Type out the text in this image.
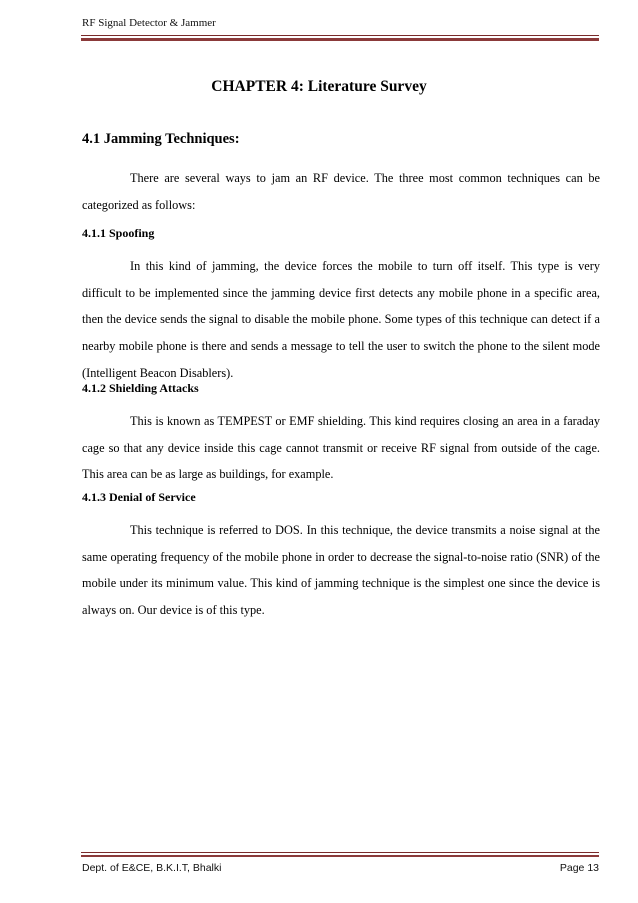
RF Signal Detector & Jammer
CHAPTER 4: Literature Survey
4.1 Jamming Techniques:

There are several ways to jam an RF device. The three most common techniques can be categorized as follows:

4.1.1 Spoofing

In this kind of jamming, the device forces the mobile to turn off itself. This type is very difficult to be implemented since the jamming device first detects any mobile phone in a specific area, then the device sends the signal to disable the mobile phone. Some types of this technique can detect if a nearby mobile phone is there and sends a message to tell the user to switch the phone to the silent mode (Intelligent Beacon Disablers).

4.1.2 Shielding Attacks

This is known as TEMPEST or EMF shielding. This kind requires closing an area in a faraday cage so that any device inside this cage cannot transmit or receive RF signal from outside of the cage. This area can be as large as buildings, for example.

4.1.3 Denial of Service

This technique is referred to DOS. In this technique, the device transmits a noise signal at the same operating frequency of the mobile phone in order to decrease the signal-to-noise ratio (SNR) of the mobile under its minimum value. This kind of jamming technique is the simplest one since the device is always on. Our device is of this type.

Dept. of E&CE, B.K.I.T, Bhalki	Page 13
